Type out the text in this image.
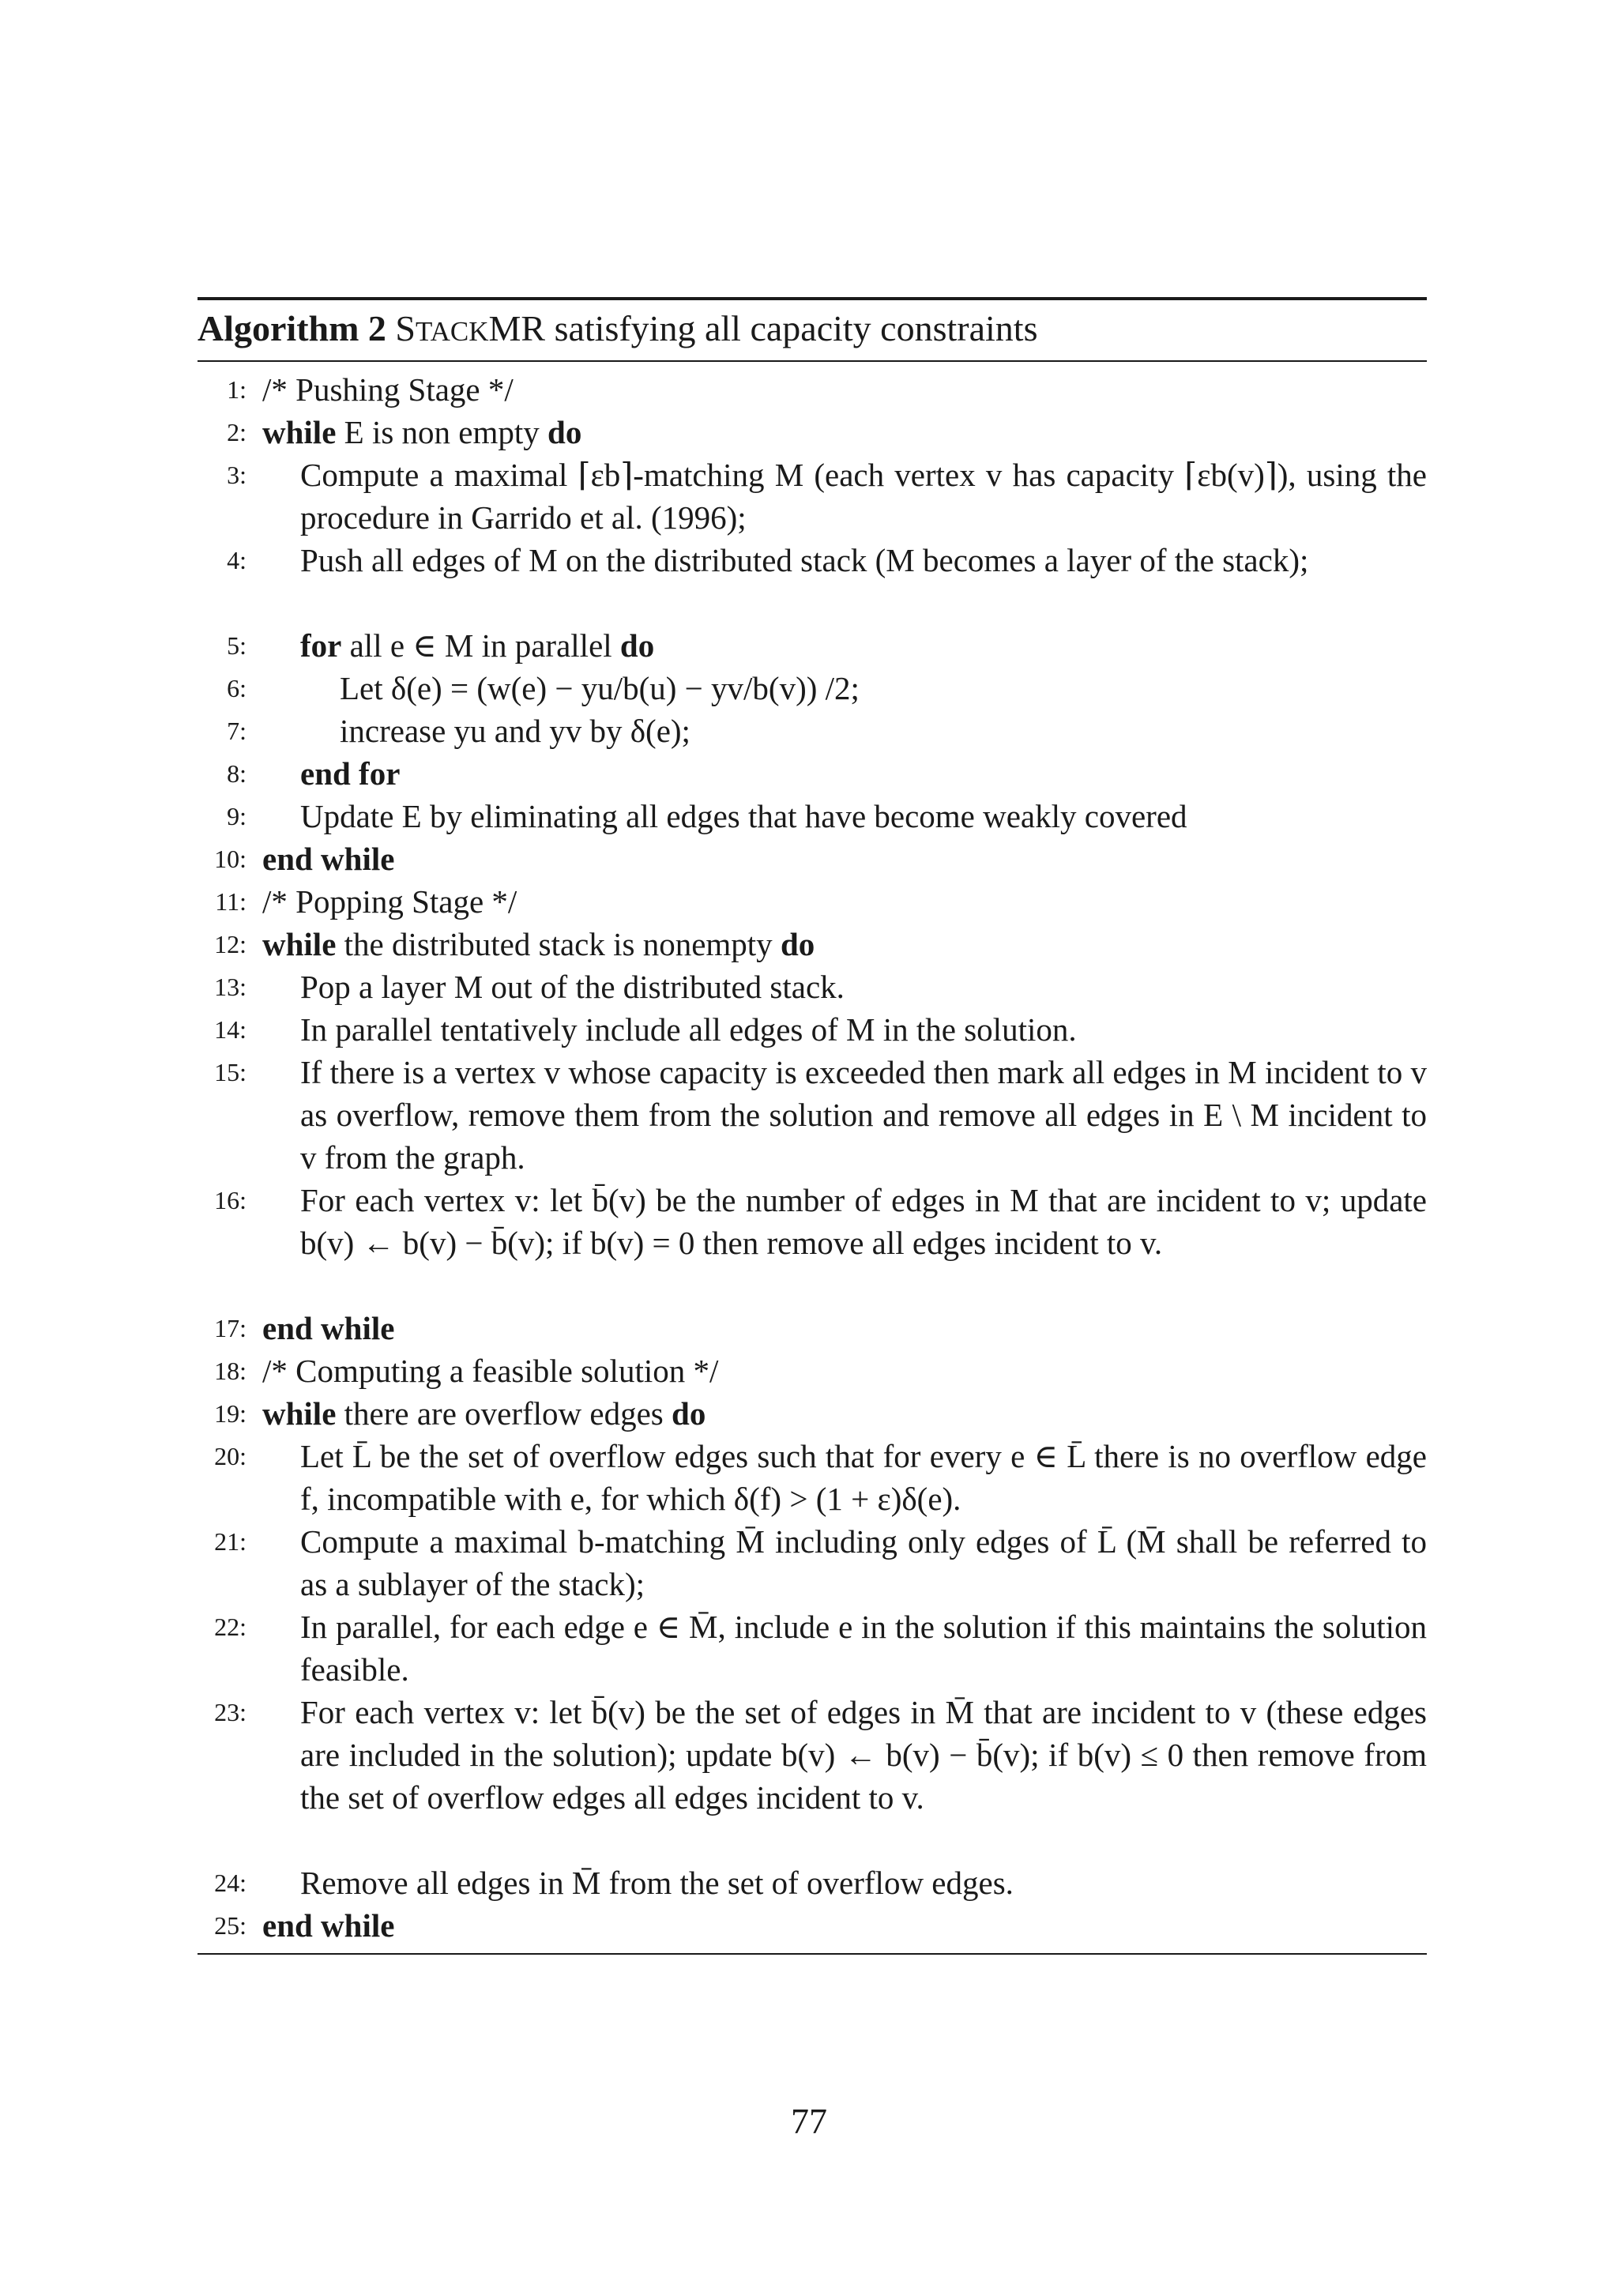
Algorithm 2 STACKMR satisfying all capacity constraints
1: /* Pushing Stage */
2: while E is non empty do
3: Compute a maximal ⌈εb⌉-matching M (each vertex v has capacity ⌈εb(v)⌉), using the procedure in Garrido et al. (1996);
4: Push all edges of M on the distributed stack (M becomes a layer of the stack);
5: for all e ∈ M in parallel do
6:	Let δ(e) = (w(e) − yu/b(u) − yv/b(v)) /2;
7:	increase yu and yv by δ(e);
8: end for
9: Update E by eliminating all edges that have become weakly covered
10: end while
11: /* Popping Stage */
12: while the distributed stack is nonempty do
13: Pop a layer M out of the distributed stack.
14: In parallel tentatively include all edges of M in the solution.
15: If there is a vertex v whose capacity is exceeded then mark all edges in M incident to v as overflow, remove them from the solution and remove all edges in E \ M incident to v from the graph.
16: For each vertex v: let b̄(v) be the number of edges in M that are incident to v; update b(v) ← b(v) − b̄(v); if b(v) = 0 then remove all edges incident to v.
17: end while
18: /* Computing a feasible solution */
19: while there are overflow edges do
20: Let L̄ be the set of overflow edges such that for every e ∈ L̄ there is no overflow edge f, incompatible with e, for which δ(f) > (1 + ε)δ(e).
21: Compute a maximal b-matching M̄ including only edges of L̄ (M̄ shall be referred to as a sublayer of the stack);
22: In parallel, for each edge e ∈ M̄, include e in the solution if this maintains the solution feasible.
23: For each vertex v: let b̄(v) be the set of edges in M̄ that are incident to v (these edges are included in the solution); update b(v) ← b(v) − b̄(v); if b(v) ≤ 0 then remove from the set of overflow edges all edges incident to v.
24: Remove all edges in M̄ from the set of overflow edges.
25: end while
77
